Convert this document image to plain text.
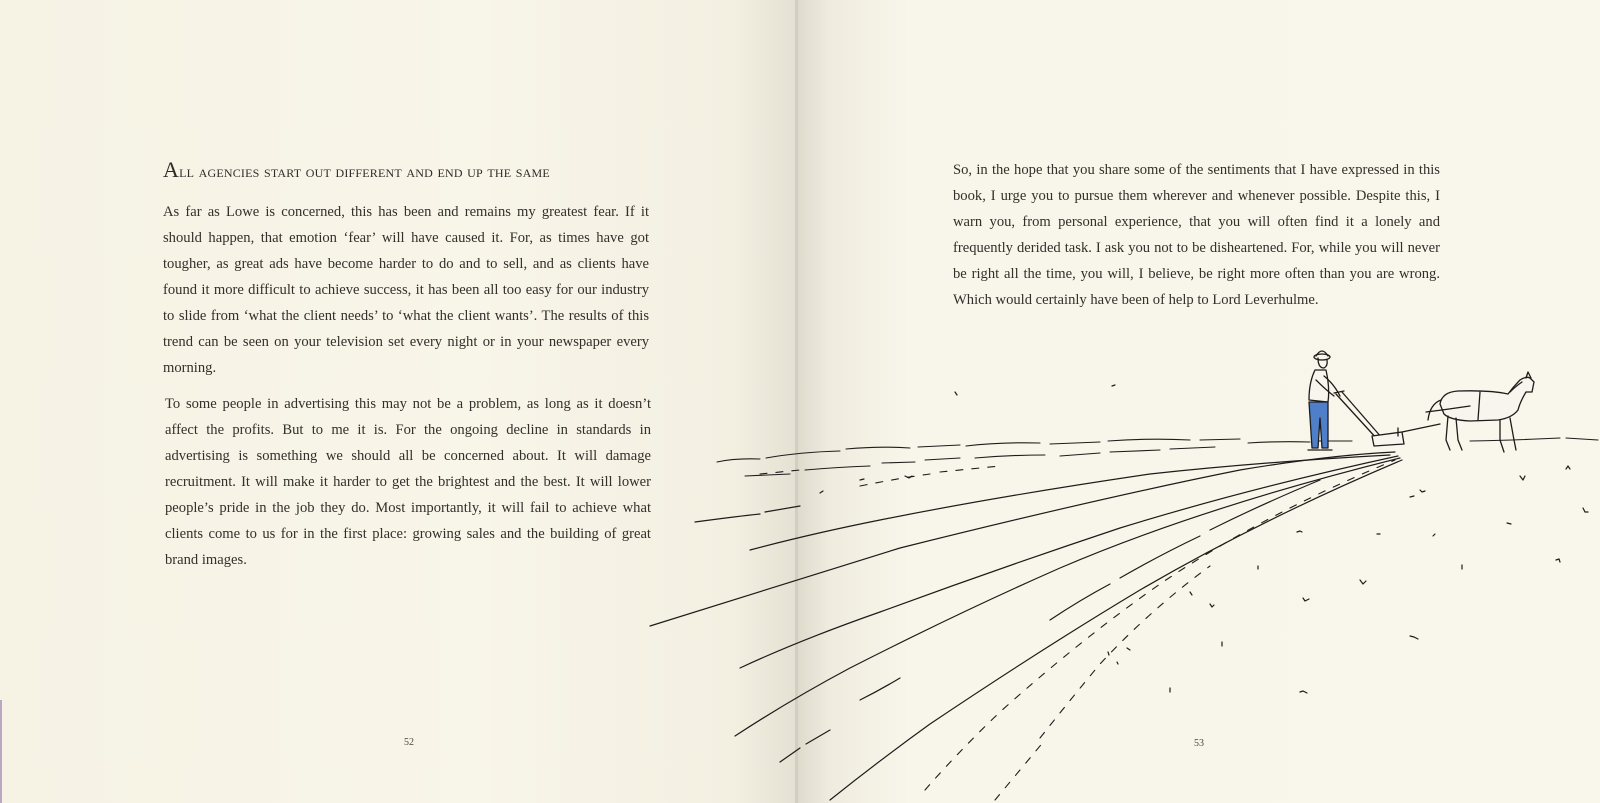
All agencies start out different and end up the same

As far as Lowe is concerned, this has been and remains my greatest fear. If it should happen, that emotion ‘fear’ will have caused it. For, as times have got tougher, as great ads have become harder to do and to sell, and as clients have found it more difficult to achieve success, it has been all too easy for our industry to slide from ‘what the client needs’ to ‘what the client wants’. The results of this trend can be seen on your television set every night or in your newspaper every morning.

To some people in advertising this may not be a problem, as long as it doesn’t affect the profits. But to me it is. For the ongoing decline in standards in advertising is something we should all be concerned about. It will damage recruitment. It will make it harder to get the brightest and the best. It will lower people’s pride in the job they do. Most importantly, it will fail to achieve what clients come to us for in the first place: growing sales and the building of great brand images.

So, in the hope that you share some of the sentiments that I have expressed in this book, I urge you to pursue them wherever and whenever possible. Despite this, I warn you, from personal experience, that you will often find it a lonely and frequently derided task. I ask you not to be disheartened. For, while you will never be right all the time, you will, I believe, be right more often than you are wrong. Which would certainly have been of help to Lord Leverhulme.

52	53
